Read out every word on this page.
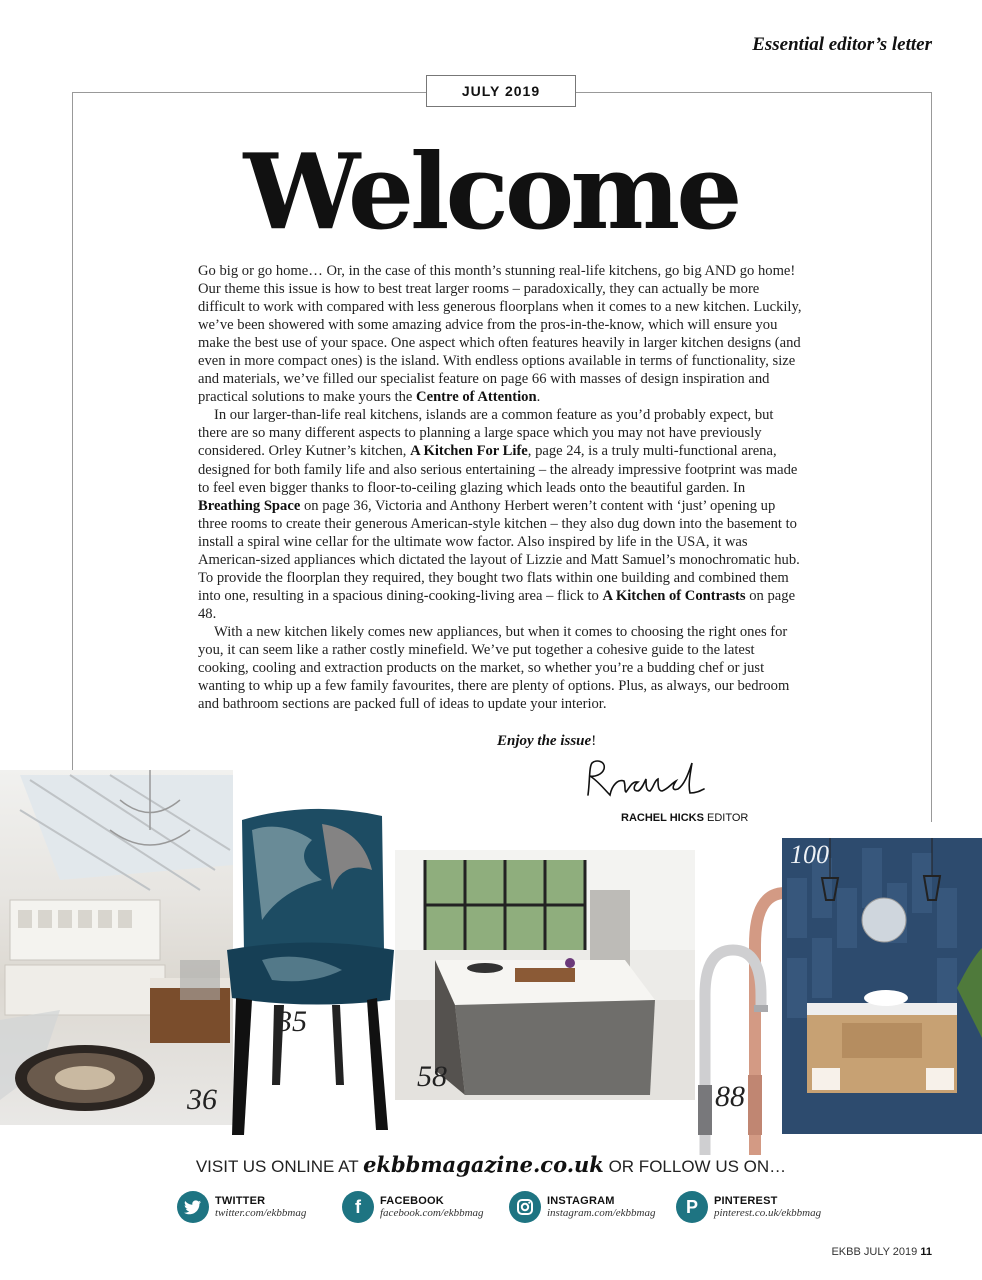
Essential editor’s letter
JULY 2019
Welcome

Go big or go home… Or, in the case of this month’s stunning real-life kitchens, go big AND go home! Our theme this issue is how to best treat larger rooms – paradoxically, they can actually be more difficult to work with compared with less generous floorplans when it comes to a new kitchen. Luckily, we’ve been showered with some amazing advice from the pros-in-the-know, which will ensure you make the best use of your space. One aspect which often features heavily in larger kitchen designs (and even in more compact ones) is the island. With endless options available in terms of functionality, size and materials, we’ve filled our specialist feature on page 66 with masses of design inspiration and practical solutions to make yours the Centre of Attention.

In our larger-than-life real kitchens, islands are a common feature as you’d probably expect, but there are so many different aspects to planning a large space which you may not have previously considered. Orley Kutner’s kitchen, A Kitchen For Life, page 24, is a truly multi-functional arena, designed for both family life and also serious entertaining – the already impressive footprint was made to feel even bigger thanks to floor-to-ceiling glazing which leads onto the beautiful garden. In Breathing Space on page 36, Victoria and Anthony Herbert weren’t content with ‘just’ opening up three rooms to create their generous American-style kitchen – they also dug down into the basement to install a spiral wine cellar for the ultimate wow factor. Also inspired by life in the USA, it was American-sized appliances which dictated the layout of Lizzie and Matt Samuel’s monochromatic hub. To provide the floorplan they required, they bought two flats within one building and combined them into one, resulting in a spacious dining-cooking-living area – flick to A Kitchen of Contrasts on page 48.

With a new kitchen likely comes new appliances, but when it comes to choosing the right ones for you, it can seem like a rather costly minefield. We’ve put together a cohesive guide to the latest cooking, cooling and extraction products on the market, so whether you’re a budding chef or just wanting to whip up a few family favourites, there are plenty of options. Plus, as always, our bedroom and bathroom sections are packed full of ideas to update your interior.

Enjoy the issue!
RACHEL HICKS EDITOR
36
35
58
88
100
VISIT US ONLINE AT ekbbmagazine.co.uk OR FOLLOW US ON…
TWITTER
twitter.com/ekbbmag	f	FACEBOOK
facebook.com/ekbbmag
INSTAGRAM
instagram.com/ekbbmag	P	PINTEREST
pinterest.co.uk/ekbbmag
EKBB JULY 2019 11
